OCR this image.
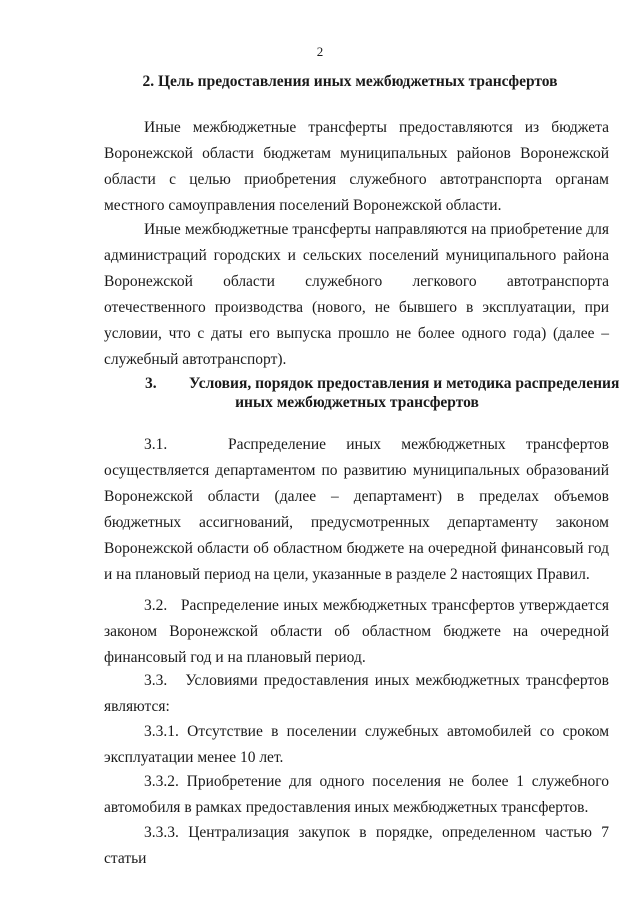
2
2. Цель предоставления иных межбюджетных трансфертов

Иные межбюджетные трансферты предоставляются из бюджета Воронежской области бюджетам муниципальных районов Воронежской области с целью приобретения служебного автотранспорта органам местного самоуправления поселений Воронежской области.

Иные межбюджетные трансферты направляются на приобретение для администраций городских и сельских поселений муниципального района Воронежской области служебного легкового автотранспорта отечественного производства (нового, не бывшего в эксплуатации, при условии, что с даты его выпуска прошло не более одного года) (далее – служебный автотранспорт).

3. Условия, порядок предоставления и методика распределения
иных межбюджетных трансфертов

3.1.	Распределение иных межбюджетных трансфертов осуществляется департаментом по развитию муниципальных образований Воронежской области (далее – департамент) в пределах объемов бюджетных ассигнований, предусмотренных департаменту законом Воронежской области об областном бюджете на очередной финансовый год и на плановый период на цели, указанные в разделе 2 настоящих Правил.

3.2. Распределение иных межбюджетных трансфертов утверждается законом Воронежской области об областном бюджете на очередной финансовый год и на плановый период.

3.3. Условиями предоставления иных межбюджетных трансфертов являются:

3.3.1. Отсутствие в поселении служебных автомобилей со сроком эксплуатации менее 10 лет.

3.3.2. Приобретение для одного поселения не более 1 служебного автомобиля в рамках предоставления иных межбюджетных трансфертов.

3.3.3. Централизация закупок в порядке, определенном частью 7 статьи
